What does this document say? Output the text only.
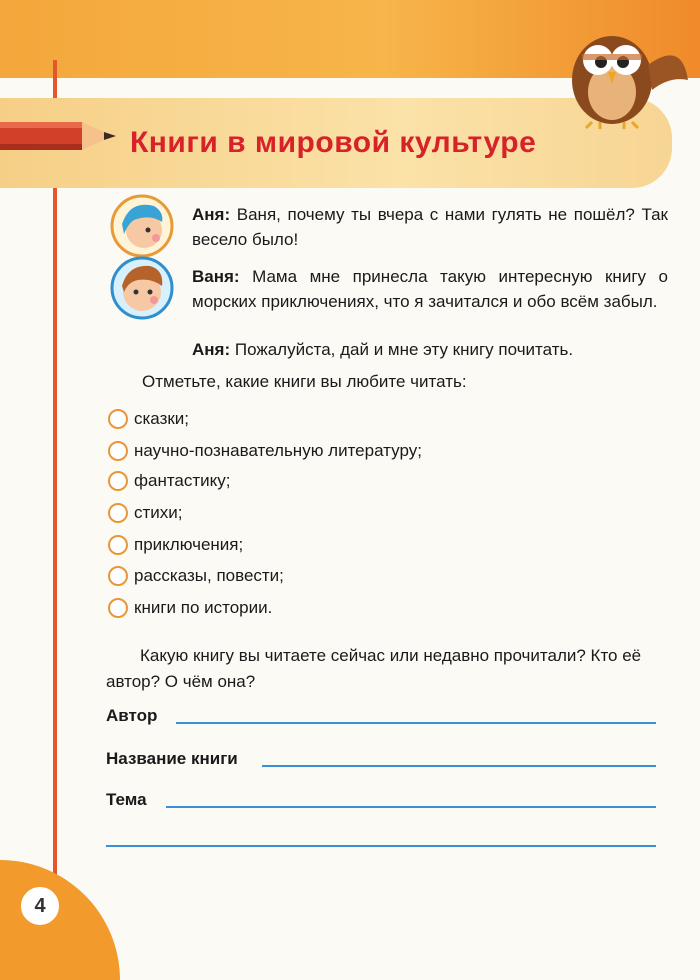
Книги в мировой культуре
Аня: Ваня, почему ты вчера с нами гулять не пошёл? Так весело было!
Ваня: Мама мне принесла такую интересную книгу о морских приключениях, что я зачитался и обо всём забыл.
Аня: Пожалуйста, дай и мне эту книгу почитать.
Отметьте, какие книги вы любите читать:
сказки;
научно-познавательную литературу;
фантастику;
стихи;
приключения;
рассказы, повести;
книги по истории.
Какую книгу вы читаете сейчас или недавно прочитали? Кто её автор? О чём она?
Автор
Название книги
Тема
4
